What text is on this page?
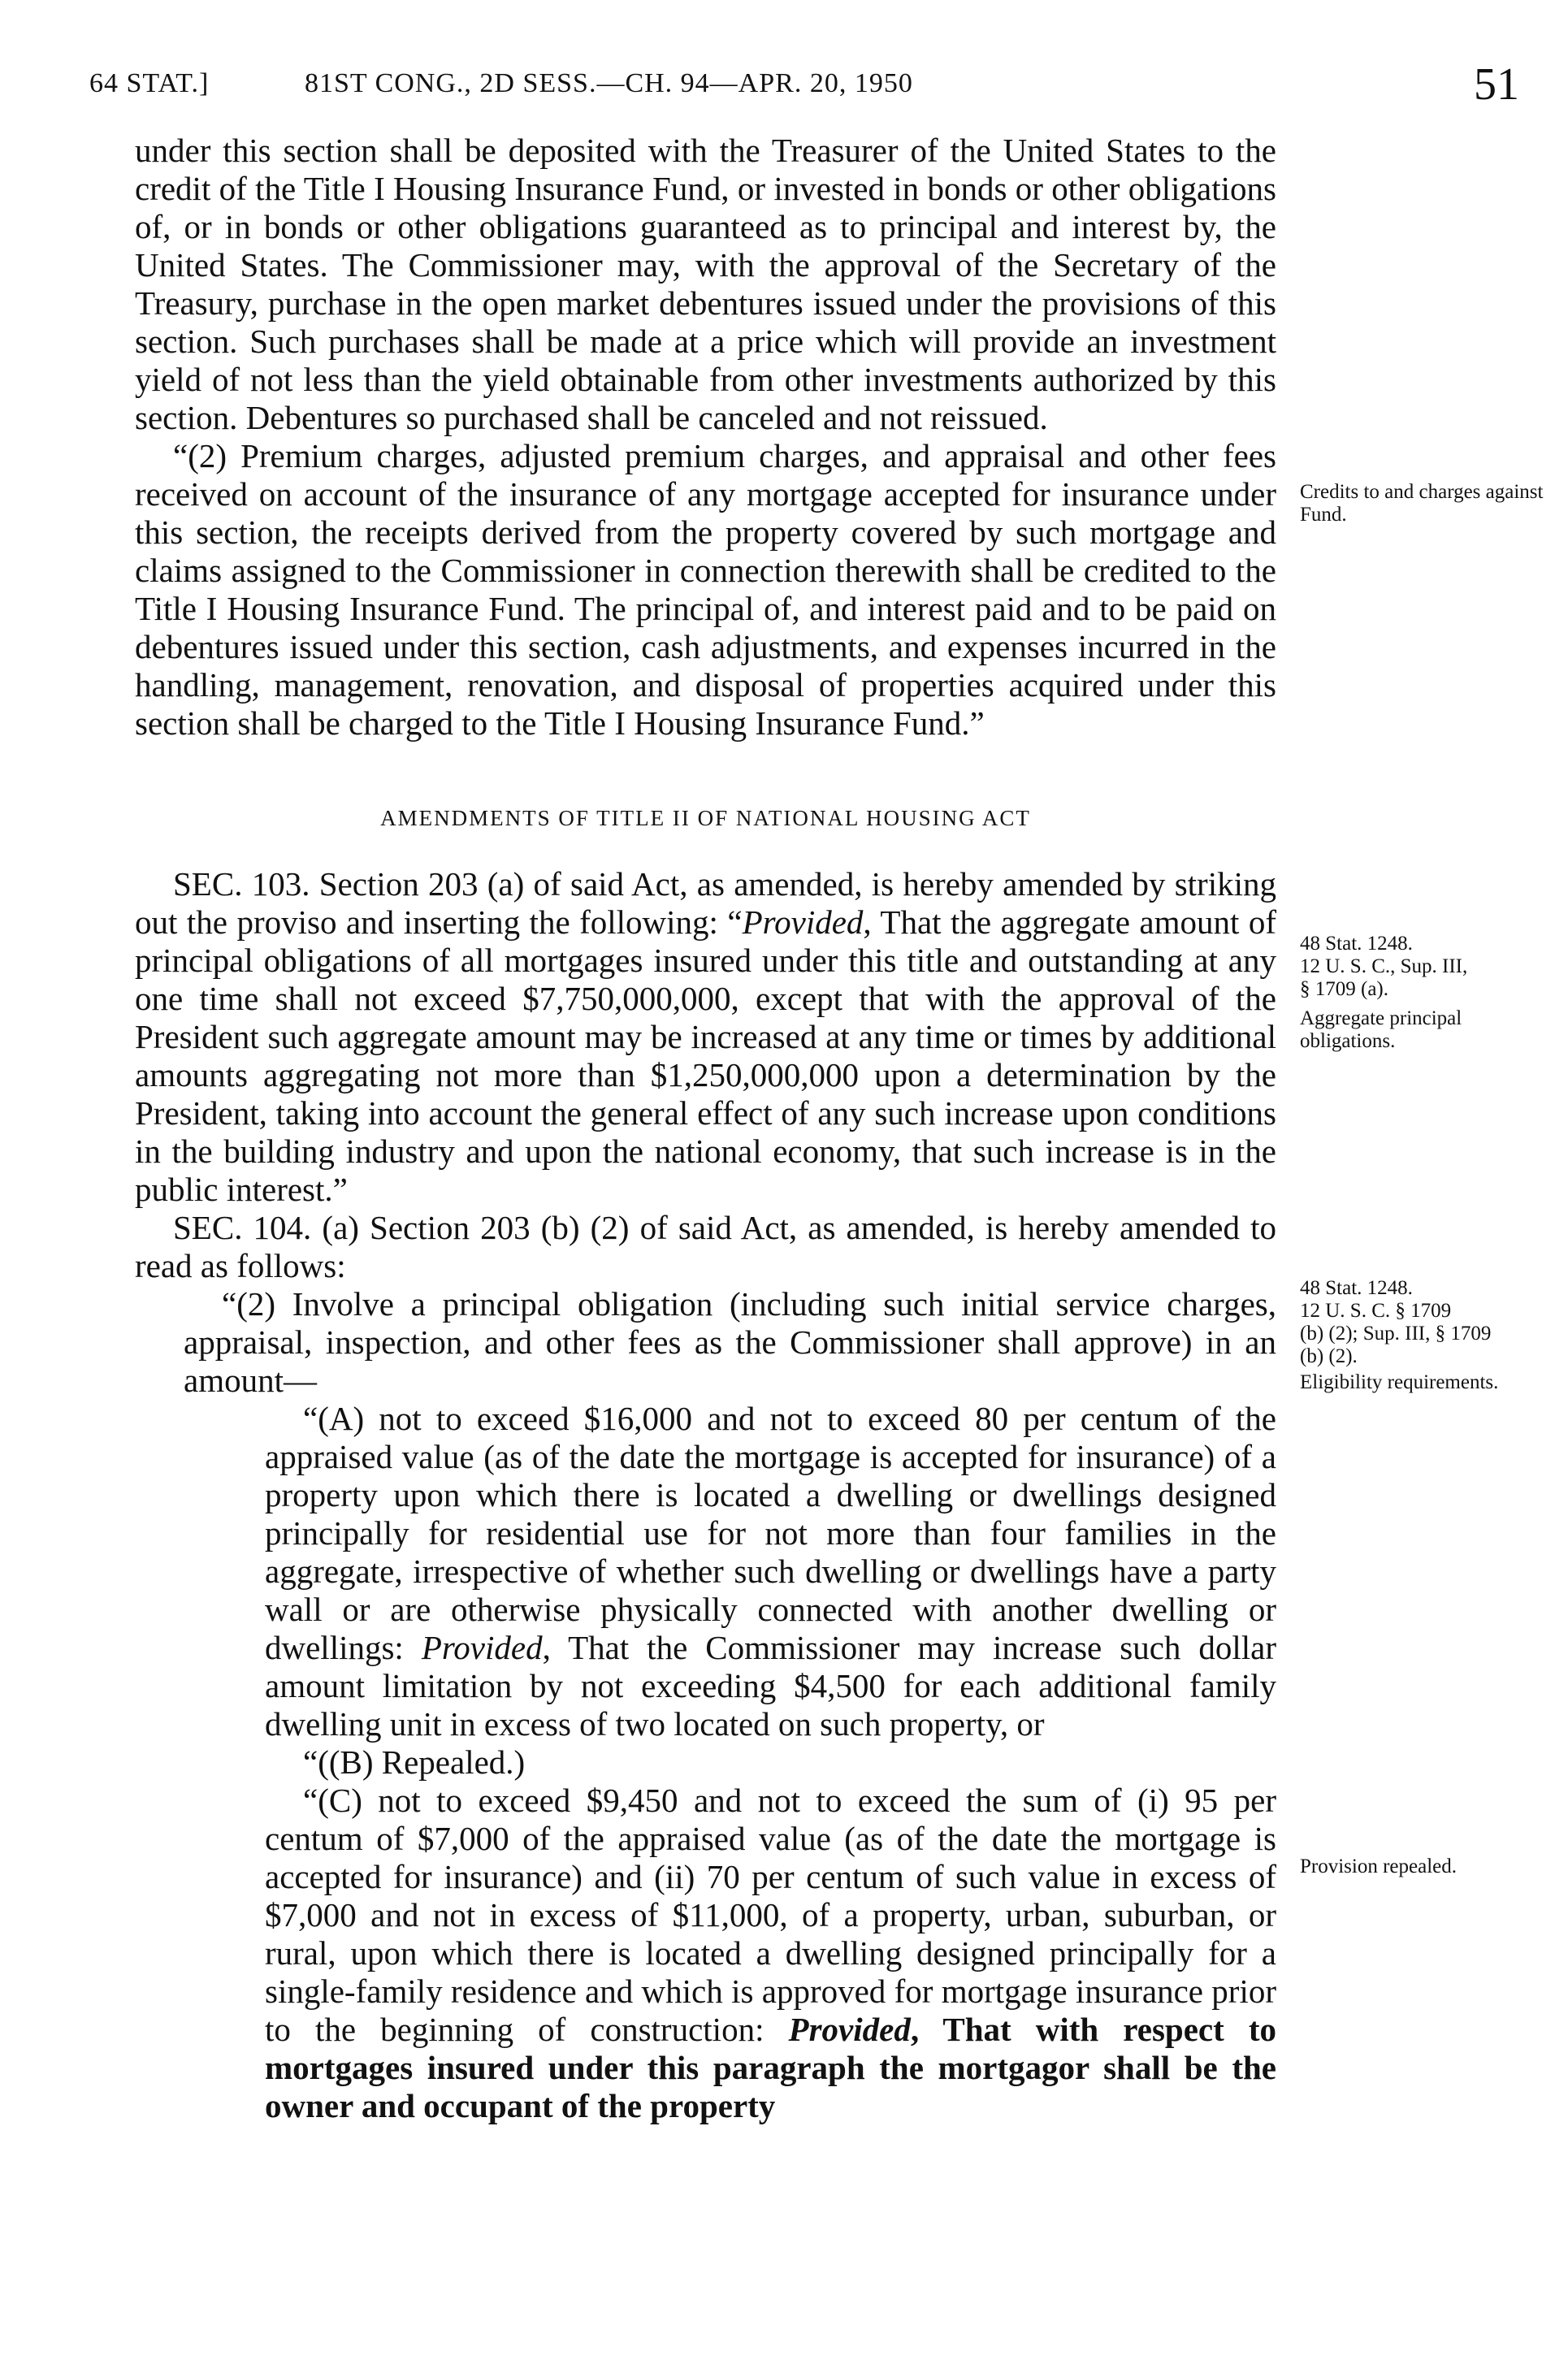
64 STAT.]	81ST CONG., 2D SESS.—CH. 94—APR. 20, 1950	51

under this section shall be deposited with the Treasurer of the United States to the credit of the Title I Housing Insurance Fund, or invested in bonds or other obligations of, or in bonds or other obligations guaranteed as to principal and interest by, the United States. The Commissioner may, with the approval of the Secretary of the Treasury, purchase in the open market debentures issued under the provisions of this section. Such purchases shall be made at a price which will provide an investment yield of not less than the yield obtainable from other investments authorized by this section. Debentures so purchased shall be canceled and not reissued.

“(2) Premium charges, adjusted premium charges, and appraisal and other fees received on account of the insurance of any mortgage accepted for insurance under this section, the receipts derived from the property covered by such mortgage and claims assigned to the Commissioner in connection therewith shall be credited to the Title I Housing Insurance Fund. The principal of, and interest paid and to be paid on debentures issued under this section, cash adjustments, and expenses incurred in the handling, management, renovation, and disposal of properties acquired under this section shall be charged to the Title I Housing Insurance Fund.”

AMENDMENTS OF TITLE II OF NATIONAL HOUSING ACT

SEC. 103. Section 203 (a) of said Act, as amended, is hereby amended by striking out the proviso and inserting the following: “Provided, That the aggregate amount of principal obligations of all mortgages insured under this title and outstanding at any one time shall not exceed $7,750,000,000, except that with the approval of the President such aggregate amount may be increased at any time or times by additional amounts aggregating not more than $1,250,000,000 upon a determination by the President, taking into account the general effect of any such increase upon conditions in the building industry and upon the national economy, that such increase is in the public interest.”

SEC. 104. (a) Section 203 (b) (2) of said Act, as amended, is hereby amended to read as follows:

“(2) Involve a principal obligation (including such initial service charges, appraisal, inspection, and other fees as the Commissioner shall approve) in an amount—

“(A) not to exceed $16,000 and not to exceed 80 per centum of the appraised value (as of the date the mortgage is accepted for insurance) of a property upon which there is located a dwelling or dwellings designed principally for residential use for not more than four families in the aggregate, irrespective of whether such dwelling or dwellings have a party wall or are otherwise physically connected with another dwelling or dwellings: Provided, That the Commissioner may increase such dollar amount limitation by not exceeding $4,500 for each additional family dwelling unit in excess of two located on such property, or

“((B) Repealed.)

“(C) not to exceed $9,450 and not to exceed the sum of (i) 95 per centum of $7,000 of the appraised value (as of the date the mortgage is accepted for insurance) and (ii) 70 per centum of such value in excess of $7,000 and not in excess of $11,000, of a property, urban, suburban, or rural, upon which there is located a dwelling designed principally for a single-family residence and which is approved for mortgage insurance prior to the beginning of construction: Provided, That with respect to mortgages insured under this paragraph the mortgagor shall be the owner and occupant of the property

Credits to and charges against Fund.
48 Stat. 1248.
12 U. S. C., Sup. III,
§ 1709 (a).
Aggregate principal obligations.
48 Stat. 1248.
12 U. S. C. § 1709
(b) (2); Sup. III, § 1709
(b) (2).
Eligibility requirements.
Provision repealed.
